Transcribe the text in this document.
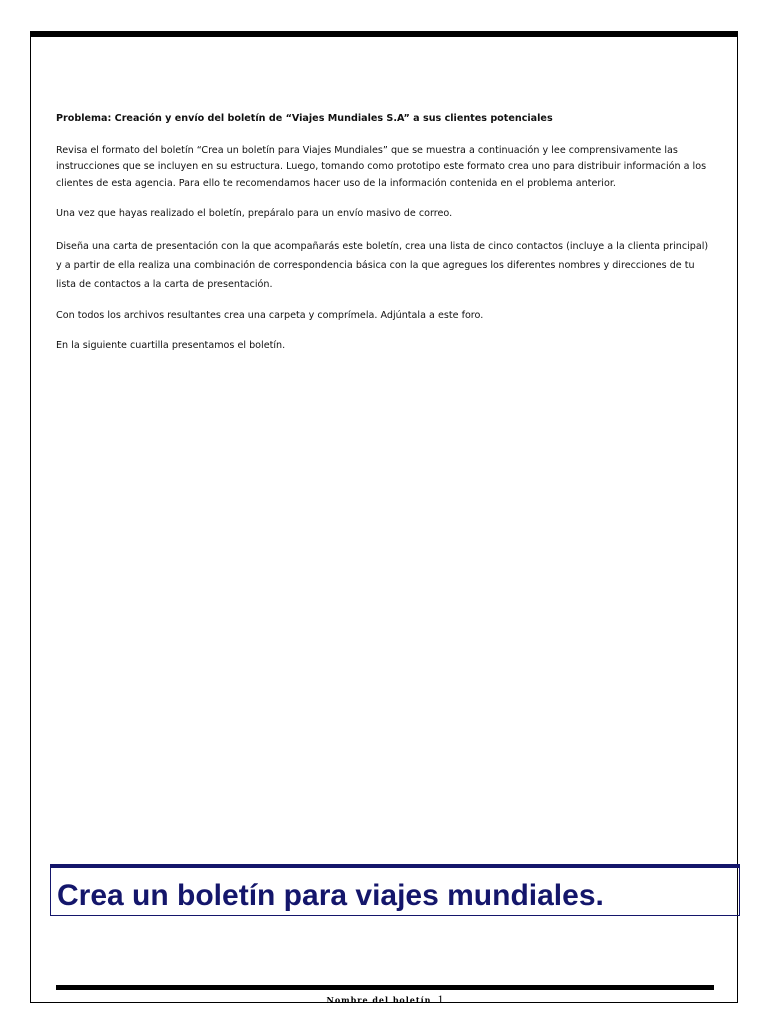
Problema: Creación y envío del boletín de “Viajes Mundiales S.A” a sus clientes potenciales

Revisa el formato del boletín “Crea un boletín para Viajes Mundiales” que se muestra a continuación y lee comprensivamente las instrucciones que se incluyen en su estructura. Luego, tomando como prototipo este formato crea uno para distribuir información a los clientes de esta agencia. Para ello te recomendamos hacer uso de la información contenida en el problema anterior.

Una vez que hayas realizado el boletín, prepáralo para un envío masivo de correo.

Diseña una carta de presentación con la que acompañarás este boletín, crea una lista de cinco contactos (incluye a la clienta principal) y a partir de ella realiza una combinación de correspondencia básica con la que agregues los diferentes nombres y direcciones de tu lista de contactos a la carta de presentación.

Con todos los archivos resultantes crea una carpeta y comprímela. Adjúntala a este foro.

En la siguiente cuartilla presentamos el boletín.

Crea un boletín para viajes mundiales.
Nombre del boletín 1
